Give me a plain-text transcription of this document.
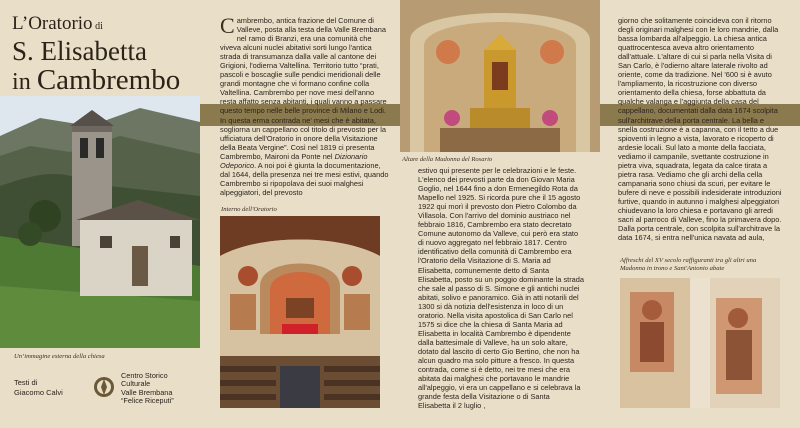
L’Oratorio di
S. Elisabetta
in Cambrembo
Un’immagine esterna della chiesa
Testi di
Giacomo Calvi
Centro Storico
Culturale
Valle Brembana
“Felice Riceputi”

Cambrembo, antica frazione del Comune di Valleve, posta alla testa della Valle Brembana nel ramo di Branzi, era una comunità che viveva alcuni nuclei abitativi sorti lungo l'antica strada di transumanza dalla valle al cantone dei Grigioni, l'odierna Valtellina. Territorio tutto “prati, pascoli e boscaglie sulle pendici meridionali delle grandi montagne che vi formano confine colla Valtellina. Cambrembo per nove mesi dell'anno resta affatto senza abitanti, i quali vanno a passare questo tempo nelle belle province di Milano e Lodi. In questa erma contrada ne' mesi che è abitata, sogliorna un cappellano col titolo di prevosto per la ufficiatura dell'Oratorio in onore della Visitazione della Beata Vergine”. Così nel 1819 ci presenta Cambrembo, Maironi da Ponte nel Dizionario Odeporico. A noi poi è giunta la documentazione, dal 1644, della presenza nei tre mesi estivi, quando Cambrembo si ripopolava dei suoi malghesi alpeggiatori, del prevosto

Interno dell'Oratorio
Altare della Madonna del Rosario

estivo qui presente per le celebrazioni e le feste. L'elenco dei prevosti parte da don Giovan Maria Goglio, nel 1644 fino a don Ermenegildo Rota da Mapello nel 1925. Si ricorda pure che il 15 agosto 1922 qui morì il prevosto don Pietro Colombo da Villasola. Con l'arrivo del dominio austriaco nel febbraio 1816, Cambrembo era stato decretato Comune autonomo da Valleve, cui però era stato di nuovo aggregato nel febbraio 1817. Centro identificativo della comunità di Cambrembo era l'Oratorio della Visitazione di S. Maria ad Elisabetta, comunemente detto di Santa Elisabetta, posto su un poggio dominante la strada che sale al passo di S. Simone e gli antichi nuclei abitati, solivo e panoramico. Già in atti notarili del 1300 si dà notizia dell'esistenza in loco di un oratorio. Nella visita apostolica di San Carlo nel 1575 si dice che la chiesa di Santa Maria ad Elisabetta in località Cambrembo è dipendente dalla battesimale di Valleve, ha un solo altare, dotato dal lascito di certo Gio Bertino, che non ha alcun quadro ma solo pitture a fresco. In questa contrada, come si è detto, nei tre mesi che era abitata dai malghesi che portavano le mandrie all'alpeggio, vi era un cappellano e si celebrava la grande festa della Visitazione o di Santa Elisabetta il 2 luglio ,

giorno che solitamente coincideva con il ritorno degli originari malghesi con le loro mandrie, dalla bassa lombarda all'alpeggio. La chiesa antica quattrocentesca aveva altro orientamento dall'attuale. L'altare di cui si parla nella Visita di San Carlo, è l'odierno altare laterale rivolto ad oriente, come da tradizione. Nel '600 si è avuto l'ampliamento, la ricostruzione con diverso orientamento della chiesa, forse abbattuta da qualche valanga e l'aggiunta della casa del cappellano, documentati dalla data 1674 scolpita sull'architrave della porta centrale. La bella e snella costruzione è a capanna, con il tetto a due spioventi in legno a vista, lavorato e ricoperto di ardesie locali. Sul lato a monte della facciata, vediamo il campanile, svettante costruzione in pietra viva, squadrata, legata da calce tirata a pietra rasa. Vediamo che gli archi della cella campanaria sono chiusi da scuri, per evitare le bufere di neve e possibili indesiderate introduzioni furtive, quando in autunno i malghesi alpeggiatori chiudevano la loro chiesa e portavano gli arredi sacri al parroco di Valleve, fino la primavera dopo. Dalla porta centrale, con scolpita sull'architrave la data 1674, si entra nell'unica navata ad aula,

Affreschi del XV secolo raffiguranti tra gli altri una Madonna in trono e Sant'Antonio abate
